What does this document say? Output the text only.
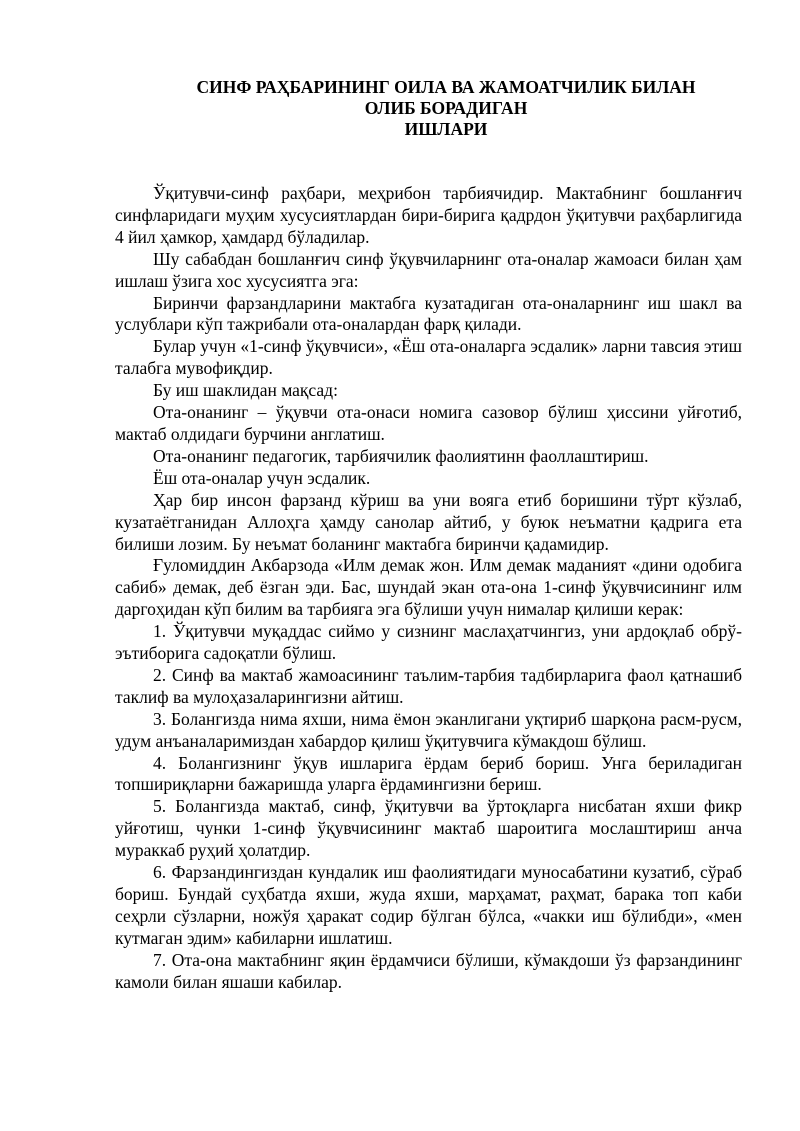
СИНФ РАҲБАРИНИНГ ОИЛА ВА ЖАМОАТЧИЛИК БИЛАН
ОЛИБ БОРАДИГАН
ИШЛАРИ

Ўқитувчи-синф раҳбари, меҳрибон тарбиячидир. Мактабнинг бошланғич синфларидаги муҳим хусусиятлардан бири-бирига қадрдон ўқитувчи раҳбарлигида 4 йил ҳамкор, ҳамдард бўладилар.

Шу сабабдан бошланғич синф ўқувчиларнинг ота-оналар жамоаси билан ҳам ишлаш ўзига хос хусусиятга эга:

Биринчи фарзандларини мактабга кузатадиган ота-оналарнинг иш шакл ва услублари кўп тажрибали ота-оналардан фарқ қилади.

Булар учун «1-синф ўқувчиси», «Ёш ота-оналарга эсдалик» ларни тавсия этиш талабга мувофиқдир.

Бу иш шаклидан мақсад:

Ота-онанинг – ўқувчи ота-онаси номига сазовор бўлиш ҳиссини уйғотиб, мактаб олдидаги бурчини англатиш.

Ота-онанинг педагогик, тарбиячилик фаолиятинн фаоллаштириш.

Ёш ота-оналар учун эсдалик.

Ҳар бир инсон фарзанд кўриш ва уни вояга етиб боришини тўрт кўзлаб, кузатаётганидан Аллоҳга ҳамду санолар айтиб, у буюк неъматни қадрига ета билиши лозим. Бу неъмат боланинг мактабга биринчи қадамидир.

Ғуломиддин Акбарзода «Илм демак жон. Илм демак маданият «дини одобига сабиб» демак, деб ёзган эди. Бас, шундай экан ота-она 1-синф ўқувчисининг илм даргоҳидан кўп билим ва тарбияга эга бўлиши учун нималар қилиши керак:

1. Ўқитувчи муқаддас сиймо у сизнинг маслаҳатчингиз, уни ардоқлаб обрў-эътиборига садоқатли бўлиш.

2. Синф ва мактаб жамоасининг таълим-тарбия тадбирларига фаол қатнашиб таклиф ва мулоҳазаларингизни айтиш.

3. Болангизда нима яхши, нима ёмон эканлигани уқтириб шарқона расм-русм, удум анъаналаримиздан хабардор қилиш ўқитувчига кўмакдош бўлиш.

4. Болангизнинг ўқув ишларига ёрдам бериб бориш. Унга бериладиган топшириқларни бажаришда уларга ёрдамингизни бериш.

5. Болангизда мактаб, синф, ўқитувчи ва ўртоқларга нисбатан яхши фикр уйғотиш, чунки 1-синф ўқувчисининг мактаб шароитига мослаштириш анча мураккаб руҳий ҳолатдир.

6. Фарзандингиздан кундалик иш фаолиятидаги муносабатини кузатиб, сўраб бориш. Бундай суҳбатда яхши, жуда яхши, марҳамат, раҳмат, барака топ каби сеҳрли сўзларни, ножўя ҳаракат содир бўлган бўлса, «чакки иш бўлибди», «мен кутмаган эдим» кабиларни ишлатиш.

7. Ота-она мактабнинг яқин ёрдамчиси бўлиши, кўмакдоши ўз фарзандининг камоли билан яшаши кабилар.
